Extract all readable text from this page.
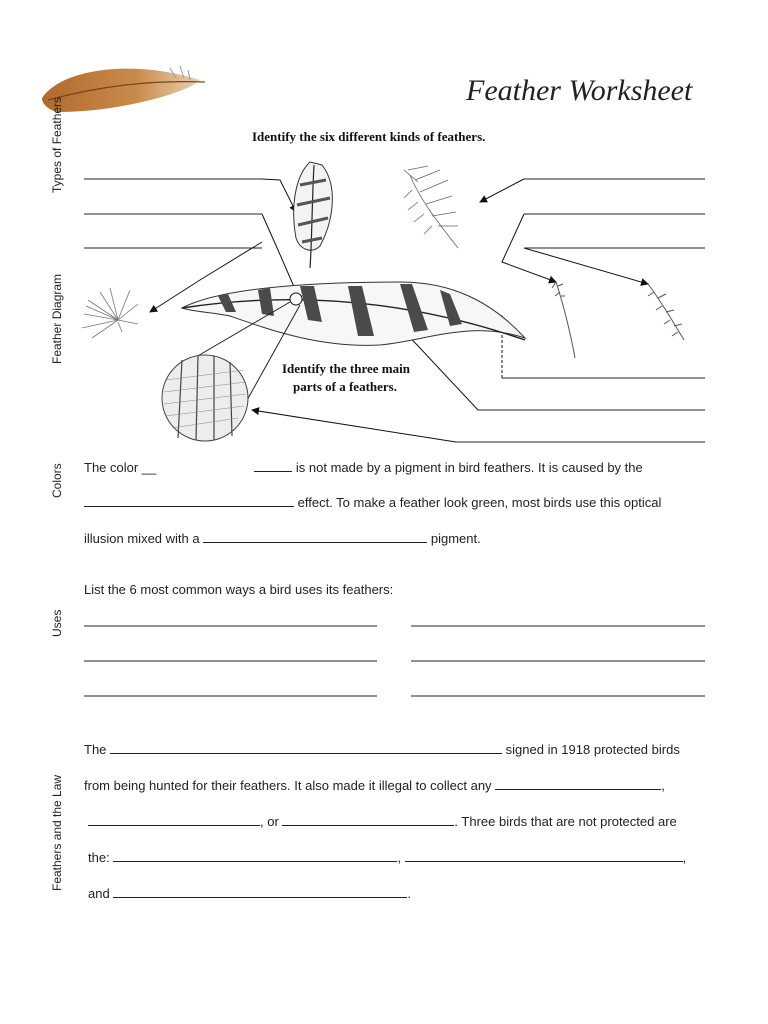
Feather Worksheet
Types of Feathers
Feather Diagram
Colors
Uses
Feathers and the Law
Identify the six different kinds of feathers.
Identify the three main
parts of a feathers.
The color __	is not made by a pigment in bird feathers. It is caused by the
effect. To make a feather look green, most birds use this optical
illusion mixed with a	pigment.
List the 6 most common ways a bird uses its feathers:
The	signed in 1918 protected birds
from being hunted for their feathers. It also made it illegal to collect any	,
, or	. Three birds that are not protected are
the:	,	,
and	.
